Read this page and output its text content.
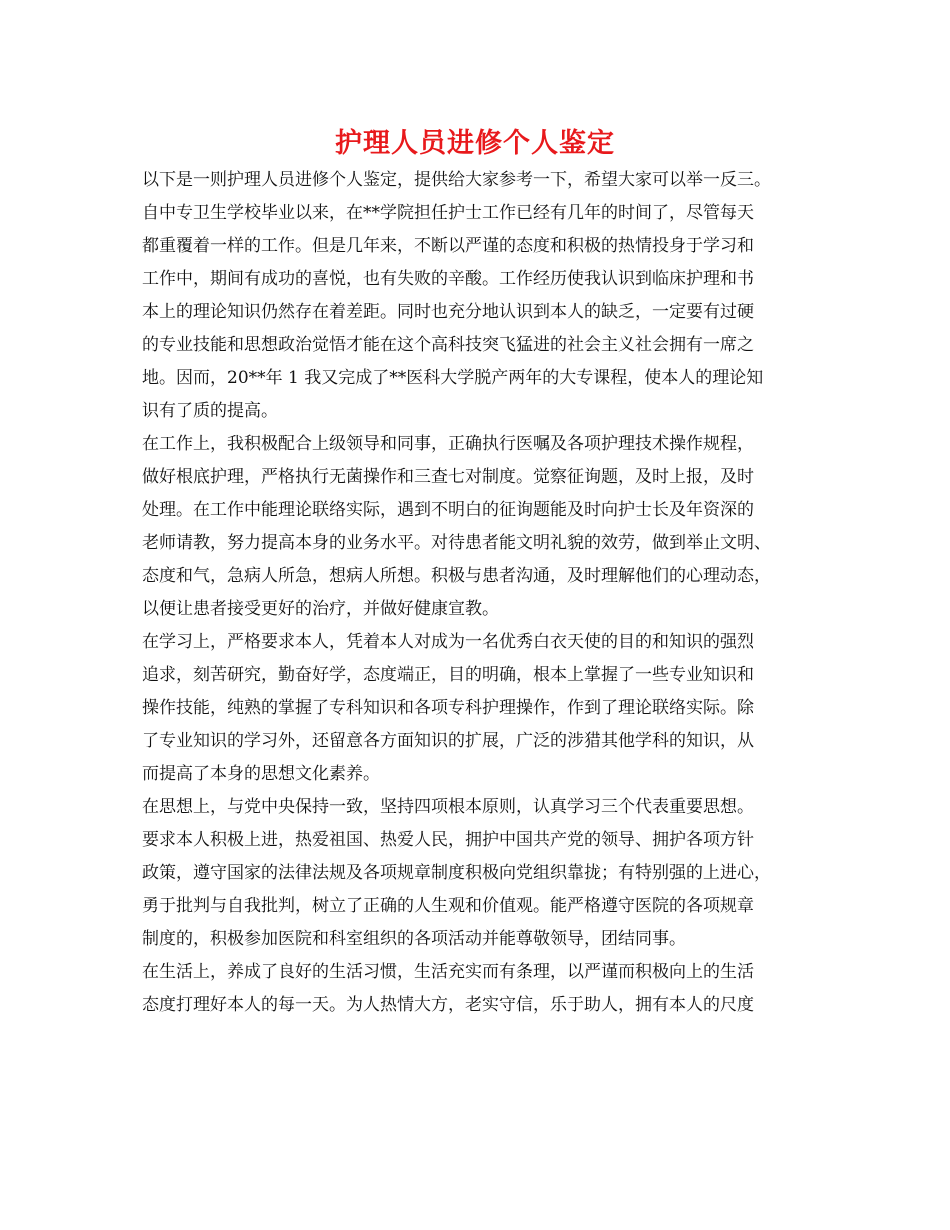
护理人员进修个人鉴定
以下是一则护理人员进修个人鉴定，提供给大家参考一下，希望大家可以举一反三。
自中专卫生学校毕业以来，在**学院担任护士工作已经有几年的时间了，尽管每天
都重覆着一样的工作。但是几年来，不断以严谨的态度和积极的热情投身于学习和
工作中，期间有成功的喜悦，也有失败的辛酸。工作经历使我认识到临床护理和书
本上的理论知识仍然存在着差距。同时也充分地认识到本人的缺乏，一定要有过硬
的专业技能和思想政治觉悟才能在这个高科技突飞猛进的社会主义社会拥有一席之
地。因而，20**年 1 我又完成了**医科大学脱产两年的大专课程，使本人的理论知
识有了质的提高。
在工作上，我积极配合上级领导和同事，正确执行医嘱及各项护理技术操作规程，
做好根底护理，严格执行无菌操作和三查七对制度。觉察征询题，及时上报，及时
处理。在工作中能理论联络实际，遇到不明白的征询题能及时向护士长及年资深的
老师请教，努力提高本身的业务水平。对待患者能文明礼貌的效劳，做到举止文明、
态度和气，急病人所急，想病人所想。积极与患者沟通，及时理解他们的心理动态，
以便让患者接受更好的治疗，并做好健康宣教。
在学习上，严格要求本人，凭着本人对成为一名优秀白衣天使的目的和知识的强烈
追求，刻苦研究，勤奋好学，态度端正，目的明确，根本上掌握了一些专业知识和
操作技能，纯熟的掌握了专科知识和各项专科护理操作，作到了理论联络实际。除
了专业知识的学习外，还留意各方面知识的扩展，广泛的涉猎其他学科的知识，从
而提高了本身的思想文化素养。
在思想上，与党中央保持一致，坚持四项根本原则，认真学习三个代表重要思想。
要求本人积极上进，热爱祖国、热爱人民，拥护中国共产党的领导、拥护各项方针
政策，遵守国家的法律法规及各项规章制度积极向党组织靠拢；有特别强的上进心，
勇于批判与自我批判，树立了正确的人生观和价值观。能严格遵守医院的各项规章
制度的，积极参加医院和科室组织的各项活动并能尊敬领导，团结同事。
在生活上，养成了良好的生活习惯，生活充实而有条理，以严谨而积极向上的生活
态度打理好本人的每一天。为人热情大方，老实守信，乐于助人，拥有本人的尺度
